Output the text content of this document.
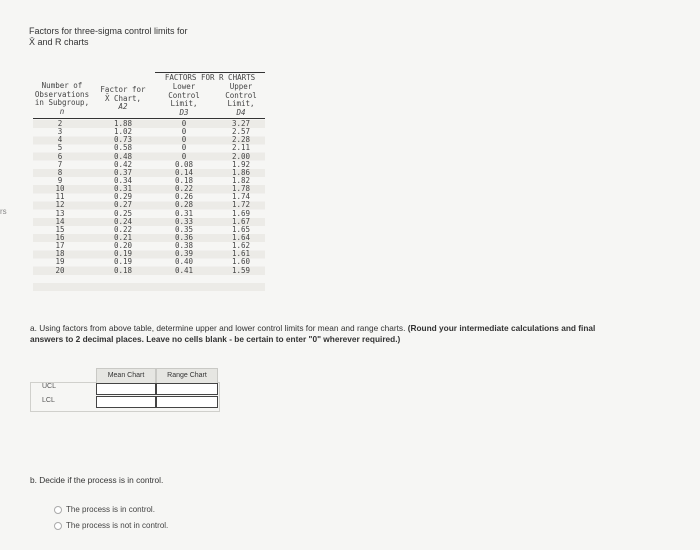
Factors for three-sigma control limits for
X̄ and R charts
FACTORS FOR R CHARTS
Number of
Observations
in Subgroup,
n
Factor for
X̄ Chart,
A2
Lower
Control
Limit,
D3
Upper
Control
Limit,
D4
2
3
4
5
6
7
8
9
10
11
12
13
14
15
16
17
18
19
20
1.88
1.02
0.73
0.58
0.48
0.42
0.37
0.34
0.31
0.29
0.27
0.25
0.24
0.22
0.21
0.20
0.19
0.19
0.18
0
0
0
0
0
0.08
0.14
0.18
0.22
0.26
0.28
0.31
0.33
0.35
0.36
0.38
0.39
0.40
0.41
3.27
2.57
2.28
2.11
2.00
1.92
1.86
1.82
1.78
1.74
1.72
1.69
1.67
1.65
1.64
1.62
1.61
1.60
1.59
rs
a. Using factors from above table, determine upper and lower control limits for mean and range charts. (Round your intermediate calculations and final answers to 2 decimal places. Leave no cells blank - be certain to enter "0" wherever required.)
Mean Chart	Range Chart
UCL
LCL
b. Decide if the process is in control.
The process is in control.
The process is not in control.
